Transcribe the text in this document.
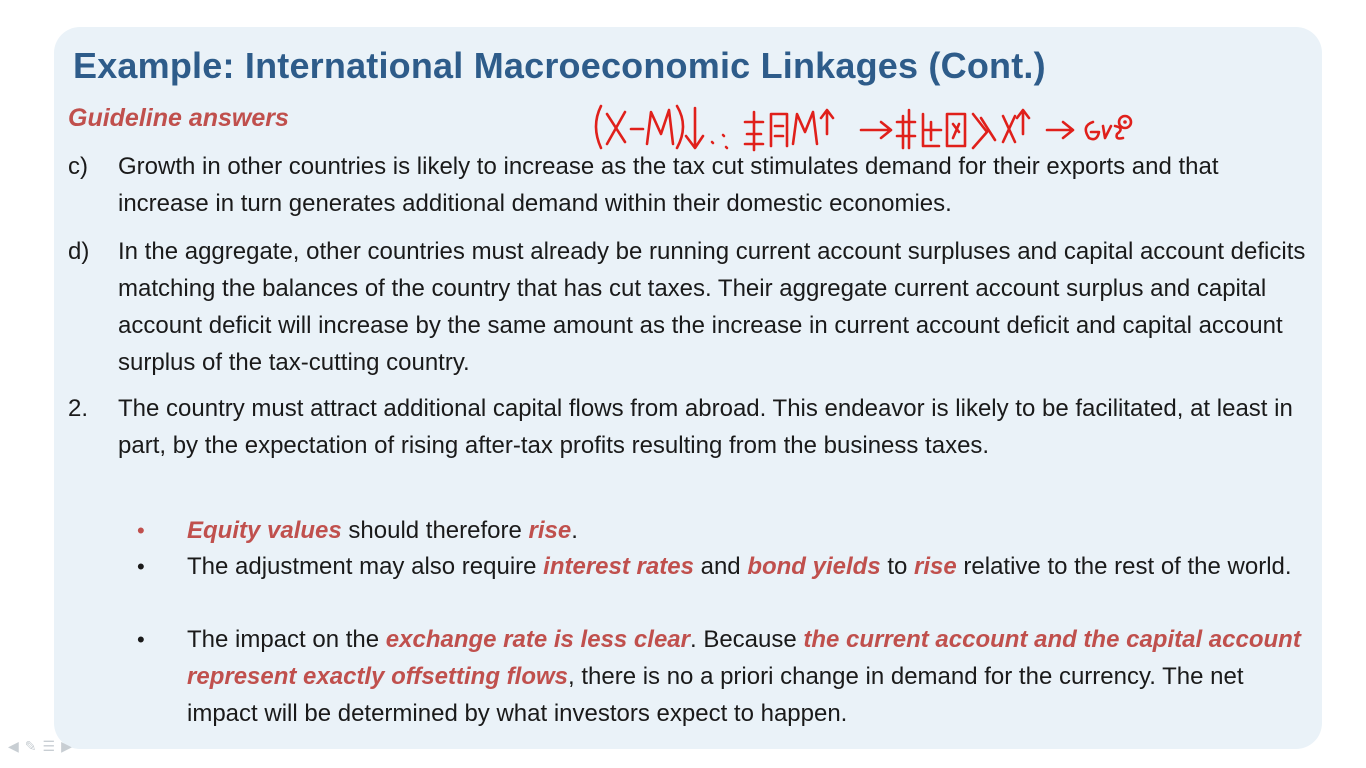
Example: International Macroeconomic Linkages (Cont.)
Guideline answers
c) Growth in other countries is likely to increase as the tax cut stimulates demand for their exports and that increase in turn generates additional demand within their domestic economies.
d) In the aggregate, other countries must already be running current account surpluses and capital account deficits matching the balances of the country that has cut taxes. Their aggregate current account surplus and capital account deficit will increase by the same amount as the increase in current account deficit and capital account surplus of the tax-cutting country.
2. The country must attract additional capital flows from abroad. This endeavor is likely to be facilitated, at least in part, by the expectation of rising after-tax profits resulting from the business taxes.
• Equity values should therefore rise.
• The adjustment may also require interest rates and bond yields to rise relative to the rest of the world.
• The impact on the exchange rate is less clear. Because the current account and the capital account represent exactly offsetting flows, there is no a priori change in demand for the currency. The net impact will be determined by what investors expect to happen.
◀✎☰▶
